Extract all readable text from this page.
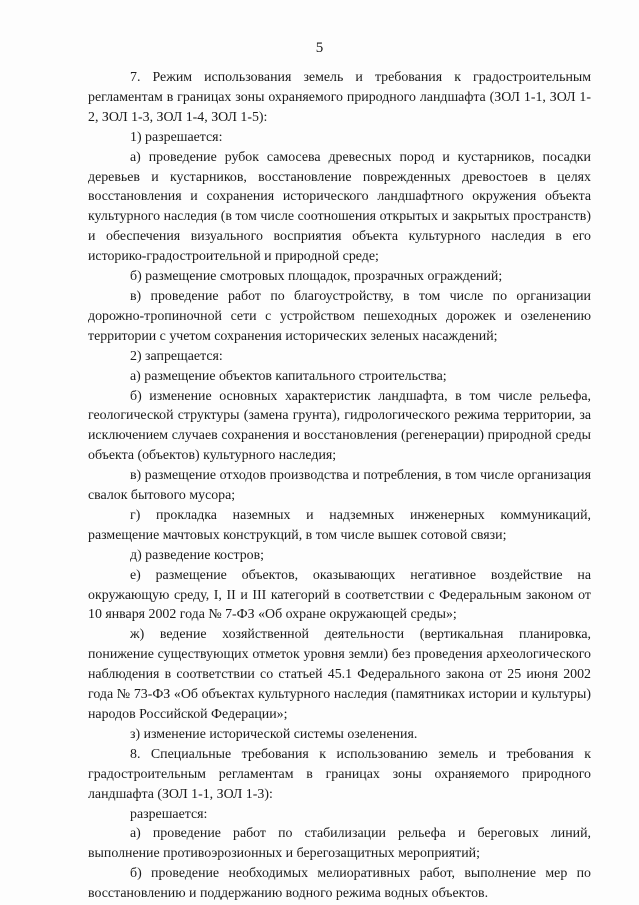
5

7. Режим использования земель и требования к градостроительным регламентам в границах зоны охраняемого природного ландшафта (ЗОЛ 1-1, ЗОЛ 1-2, ЗОЛ 1-3, ЗОЛ 1-4, ЗОЛ 1-5):

1) разрешается:

а) проведение рубок самосева древесных пород и кустарников, посадки деревьев и кустарников, восстановление поврежденных древостоев в целях восстановления и сохранения исторического ландшафтного окружения объекта культурного наследия (в том числе соотношения открытых и закрытых пространств) и обеспечения визуального восприятия объекта культурного наследия в его историко-градостроительной и природной среде;

б) размещение смотровых площадок, прозрачных ограждений;

в) проведение работ по благоустройству, в том числе по организации дорожно-тропиночной сети с устройством пешеходных дорожек и озеленению территории с учетом сохранения исторических зеленых насаждений;

2) запрещается:

а) размещение объектов капитального строительства;

б) изменение основных характеристик ландшафта, в том числе рельефа, геологической структуры (замена грунта), гидрологического режима территории, за исключением случаев сохранения и восстановления (регенерации) природной среды объекта (объектов) культурного наследия;

в) размещение отходов производства и потребления, в том числе организация свалок бытового мусора;

г) прокладка наземных и надземных инженерных коммуникаций, размещение мачтовых конструкций, в том числе вышек сотовой связи;

д) разведение костров;

е) размещение объектов, оказывающих негативное воздействие на окружающую среду, I, II и III категорий в соответствии с Федеральным законом от 10 января 2002 года № 7-ФЗ «Об охране окружающей среды»;

ж) ведение хозяйственной деятельности (вертикальная планировка, понижение существующих отметок уровня земли) без проведения археологического наблюдения в соответствии со статьей 45.1 Федерального закона от 25 июня 2002 года № 73-ФЗ «Об объектах культурного наследия (памятниках истории и культуры) народов Российской Федерации»;

з) изменение исторической системы озеленения.

8. Специальные требования к использованию земель и требования к градостроительным регламентам в границах зоны охраняемого природного ландшафта (ЗОЛ 1-1, ЗОЛ 1-3):

разрешается:

а) проведение работ по стабилизации рельефа и береговых линий, выполнение противоэрозионных и берегозащитных мероприятий;

б) проведение необходимых мелиоративных работ, выполнение мер по восстановлению и поддержанию водного режима водных объектов.
